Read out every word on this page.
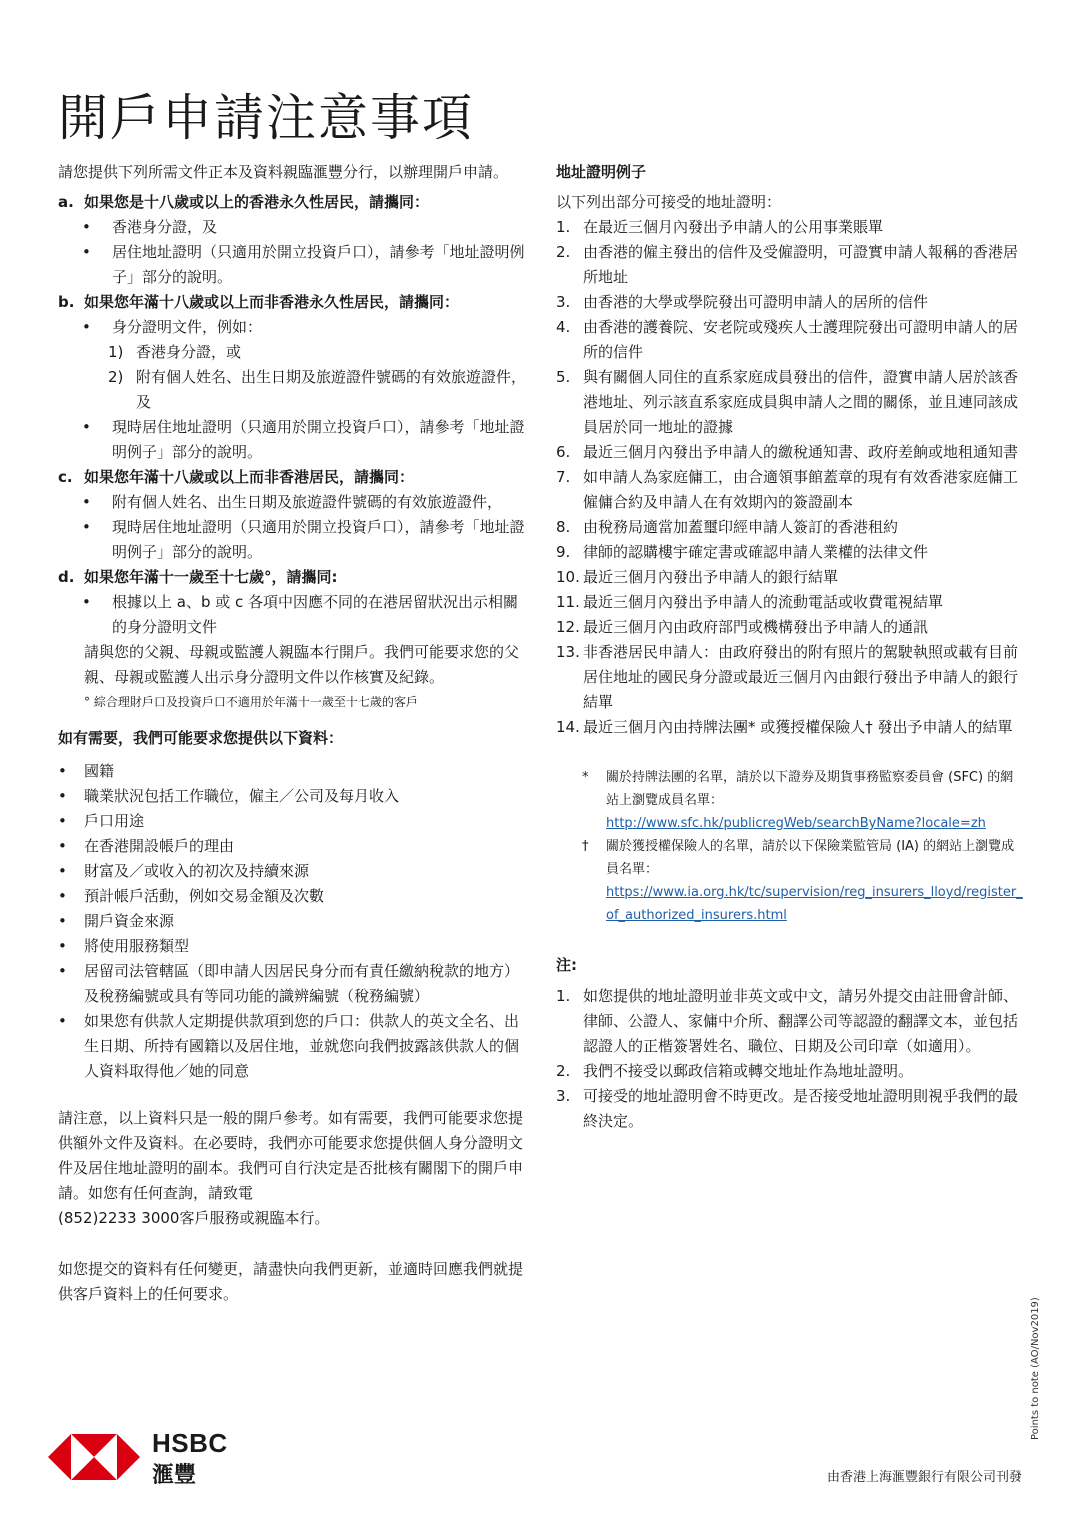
開戶申請注意事項

請您提供下列所需文件正本及資料親臨滙豐分行，以辦理開戶申請。

a. 如果您是十八歲或以上的香港永久性居民，請攜同：
• 香港身分證，及
• 居住地址證明（只適用於開立投資戶口），請參考「地址證明例子」部分的說明。
b. 如果您年滿十八歲或以上而非香港永久性居民，請攜同：
• 身分證明文件，例如：
1) 香港身分證，或
2) 附有個人姓名、出生日期及旅遊證件號碼的有效旅遊證件，及
• 現時居住地址證明（只適用於開立投資戶口），請參考「地址證明例子」部分的說明。
c. 如果您年滿十八歲或以上而非香港居民，請攜同：
• 附有個人姓名、出生日期及旅遊證件號碼的有效旅遊證件，
• 現時居住地址證明（只適用於開立投資戶口），請參考「地址證明例子」部分的說明。
d. 如果您年滿十一歲至十七歲°，請攜同:
• 根據以上 a、b 或 c 各項中因應不同的在港居留狀況出示相關的身分證明文件

請與您的父親、母親或監護人親臨本行開戶。我們可能要求您的父親、母親或監護人出示身分證明文件以作核實及紀錄。

° 綜合理財戶口及投資戶口不適用於年滿十一歲至十七歲的客戶

如有需要，我們可能要求您提供以下資料：

• 國籍
• 職業狀況包括工作職位，僱主／公司及每月收入
• 戶口用途
• 在香港開設帳戶的理由
• 財富及／或收入的初次及持續來源
• 預計帳戶活動，例如交易金額及次數
• 開戶資金來源
• 將使用服務類型
• 居留司法管轄區（即申請人因居民身分而有責任繳納稅款的地方）及稅務編號或具有等同功能的識辨編號（稅務編號）
• 如果您有供款人定期提供款項到您的戶口：供款人的英文全名、出生日期、所持有國籍以及居住地，並就您向我們披露該供款人的個人資料取得他／她的同意

請注意，以上資料只是一般的開戶參考。如有需要，我們可能要求您提供額外文件及資料。在必要時，我們亦可能要求您提供個人身分證明文件及居住地址證明的副本。我們可自行決定是否批核有關閣下的開戶申請。如您有任何查詢，請致電

(852)2233 3000客戶服務或親臨本行。

如您提交的資料有任何變更，請盡快向我們更新，並適時回應我們就提供客戶資料上的任何要求。

地址證明例子

以下列出部分可接受的地址證明：

1. 在最近三個月內發出予申請人的公用事業賬單
2. 由香港的僱主發出的信件及受僱證明，可證實申請人報稱的香港居所地址
3. 由香港的大學或學院發出可證明申請人的居所的信件
4. 由香港的護養院、安老院或殘疾人士護理院發出可證明申請人的居所的信件
5. 與有關個人同住的直系家庭成員發出的信件，證實申請人居於該香港地址、列示該直系家庭成員與申請人之間的關係，並且連同該成員居於同一地址的證據
6. 最近三個月內發出予申請人的繳稅通知書、政府差餉或地租通知書
7. 如申請人為家庭傭工，由合適領事館蓋章的現有有效香港家庭傭工僱傭合約及申請人在有效期內的簽證副本
8. 由稅務局適當加蓋璽印經申請人簽訂的香港租約
9. 律師的認購樓宇確定書或確認申請人業權的法律文件
10. 最近三個月內發出予申請人的銀行結單
11. 最近三個月內發出予申請人的流動電話或收費電視結單
12. 最近三個月內由政府部門或機構發出予申請人的通訊
13. 非香港居民申請人：由政府發出的附有照片的駕駛執照或載有目前居住地址的國民身分證或最近三個月內由銀行發出予申請人的銀行結單
14. 最近三個月內由持牌法團* 或獲授權保險人† 發出予申請人的結單
* 關於持牌法團的名單，請於以下證券及期貨事務監察委員會 (SFC) 的網站上瀏覽成員名單：
http://www.sfc.hk/publicregWeb/searchByName?locale=zh
† 關於獲授權保險人的名單，請於以下保險業監管局 (IA) 的網站上瀏覽成員名單：
https://www.ia.org.hk/tc/supervision/reg_insurers_lloyd/register_of_authorized_insurers.html

注:

1. 如您提供的地址證明並非英文或中文，請另外提交由註冊會計師、律師、公證人、家傭中介所、翻譯公司等認證的翻譯文本，並包括認證人的正楷簽署姓名、職位、日期及公司印章（如適用）。
2. 我們不接受以郵政信箱或轉交地址作為地址證明。
3. 可接受的地址證明會不時更改。是否接受地址證明則視乎我們的最終決定。
Points to note (AO/Nov2019)
HSBC
滙豐	由香港上海滙豐銀行有限公司刊發
